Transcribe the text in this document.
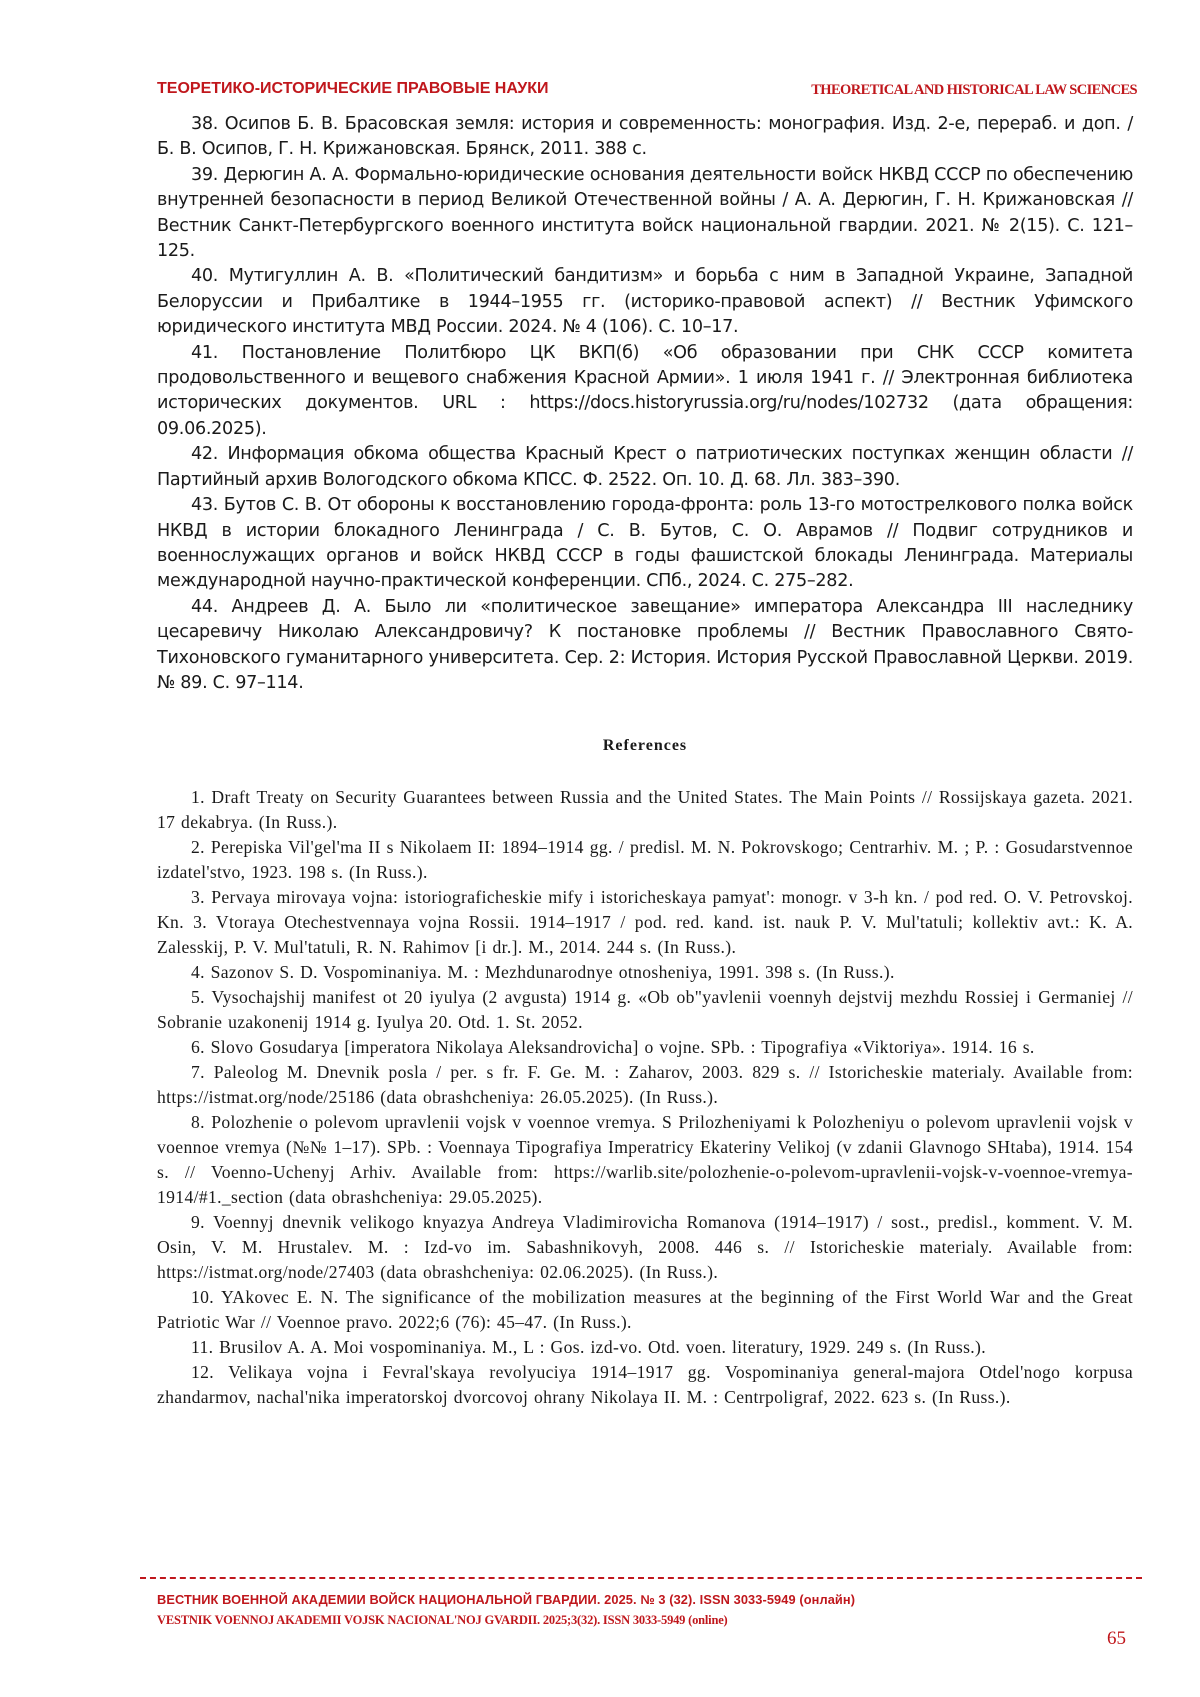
ТЕОРЕТИКО-ИСТОРИЧЕСКИЕ ПРАВОВЫЕ НАУКИ	THEORETICAL AND HISTORICAL LAW SCIENCES

38. Осипов Б. В. Брасовская земля: история и современность: монография. Изд. 2-е, перераб. и доп. / Б. В. Осипов, Г. Н. Крижановская. Брянск, 2011. 388 с.

39. Дерюгин А. А. Формально-юридические основания деятельности войск НКВД СССР по обеспечению внутренней безопасности в период Великой Отечественной войны / А. А. Дерюгин, Г. Н. Крижановская // Вестник Санкт-Петербургского военного института войск национальной гвардии. 2021. № 2(15). С. 121–125.

40. Мутигуллин А. В. «Политический бандитизм» и борьба с ним в Западной Украине, Западной Белоруссии и Прибалтике в 1944–1955 гг. (историко-правовой аспект) // Вестник Уфимского юридического института МВД России. 2024. № 4 (106). С. 10–17.

41. Постановление Политбюро ЦК ВКП(б) «Об образовании при СНК СССР комитета продовольственного и вещевого снабжения Красной Армии». 1 июля 1941 г. // Электронная библиотека исторических документов. URL : https://docs.historyrussia.org/ru/nodes/102732 (дата обращения: 09.06.2025).

42. Информация обкома общества Красный Крест о патриотических поступках женщин области // Партийный архив Вологодского обкома КПСС. Ф. 2522. Оп. 10. Д. 68. Лл. 383–390.

43. Бутов С. В. От обороны к восстановлению города-фронта: роль 13-го мотострелкового полка войск НКВД в истории блокадного Ленинграда / С. В. Бутов, С. О. Аврамов // Подвиг сотрудников и военнослужащих органов и войск НКВД СССР в годы фашистской блокады Ленинграда. Материалы международной научно-практической конференции. СПб., 2024. С. 275–282.

44. Андреев Д. А. Было ли «политическое завещание» императора Александра III наследнику цесаревичу Николаю Александровичу? К постановке проблемы // Вестник Православного Свято-Тихоновского гуманитарного университета. Сер. 2: История. История Русской Православной Церкви. 2019. № 89. С. 97–114.

References

1. Draft Treaty on Security Guarantees between Russia and the United States. The Main Points // Rossijskaya gazeta. 2021. 17 dekabrya. (In Russ.).

2. Perepiska Vil'gel'ma II s Nikolaem II: 1894–1914 gg. / predisl. M. N. Pokrovskogo; Centrarhiv. M. ; P. : Gosudarstvennoe izdatel'stvo, 1923. 198 s. (In Russ.).

3. Pervaya mirovaya vojna: istoriograficheskie mify i istoricheskaya pamyat': monogr. v 3-h kn. / pod red. O. V. Petrovskoj. Kn. 3. Vtoraya Otechestvennaya vojna Rossii. 1914–1917 / pod. red. kand. ist. nauk P. V. Mul'tatuli; kollektiv avt.: K. A. Zalesskij, P. V. Mul'tatuli, R. N. Rahimov [i dr.]. M., 2014. 244 s. (In Russ.).

4. Sazonov S. D. Vospominaniya. M. : Mezhdunarodnye otnosheniya, 1991. 398 s. (In Russ.).

5. Vysochajshij manifest ot 20 iyulya (2 avgusta) 1914 g. «Ob ob"yavlenii voennyh dejstvij mezhdu Rossiej i Germaniej // Sobranie uzakonenij 1914 g. Iyulya 20. Otd. 1. St. 2052.

6. Slovo Gosudarya [imperatora Nikolaya Aleksandrovicha] o vojne. SPb. : Tipografiya «Viktoriya». 1914. 16 s.

7. Paleolog M. Dnevnik posla / per. s fr. F. Ge. M. : Zaharov, 2003. 829 s. // Istoricheskie materialy. Available from: https://istmat.org/node/25186 (data obrashcheniya: 26.05.2025). (In Russ.).

8. Polozhenie o polevom upravlenii vojsk v voennoe vremya. S Prilozheniyami k Polozheniyu o polevom upravlenii vojsk v voennoe vremya (№№ 1–17). SPb. : Voennaya Tipografiya Imperatricy Ekateriny Velikoj (v zdanii Glavnogo SHtaba), 1914. 154 s. // Voenno-Uchenyj Arhiv. Available from: https://warlib.site/polozhenie-o-polevom-upravlenii-vojsk-v-voennoe-vremya-1914/#1._section (data obrashcheniya: 29.05.2025).

9. Voennyj dnevnik velikogo knyazya Andreya Vladimirovicha Romanova (1914–1917) / sost., predisl., komment. V. M. Osin, V. M. Hrustalev. M. : Izd-vo im. Sabashnikovyh, 2008. 446 s. // Istoricheskie materialy. Available from: https://istmat.org/node/27403 (data obrashcheniya: 02.06.2025). (In Russ.).

10. YAkovec E. N. The significance of the mobilization measures at the beginning of the First World War and the Great Patriotic War // Voennoe pravo. 2022;6 (76): 45–47. (In Russ.).

11. Brusilov A. A. Moi vospominaniya. M., L : Gos. izd-vo. Otd. voen. literatury, 1929. 249 s. (In Russ.).

12. Velikaya vojna i Fevral'skaya revolyuciya 1914–1917 gg. Vospominaniya general-majora Otdel'nogo korpusa zhandarmov, nachal'nika imperatorskoj dvorcovoj ohrany Nikolaya II. M. : Centrpoligraf, 2022. 623 s. (In Russ.).

ВЕСТНИК ВОЕННОЙ АКАДЕМИИ ВОЙСК НАЦИОНАЛЬНОЙ ГВАРДИИ. 2025. № 3 (32). ISSN 3033-5949 (онлайн)
VESTNIK VOENNOJ AKADEMII VOJSK NACIONAL'NOJ GVARDII. 2025;3(32). ISSN 3033-5949 (online)
65
